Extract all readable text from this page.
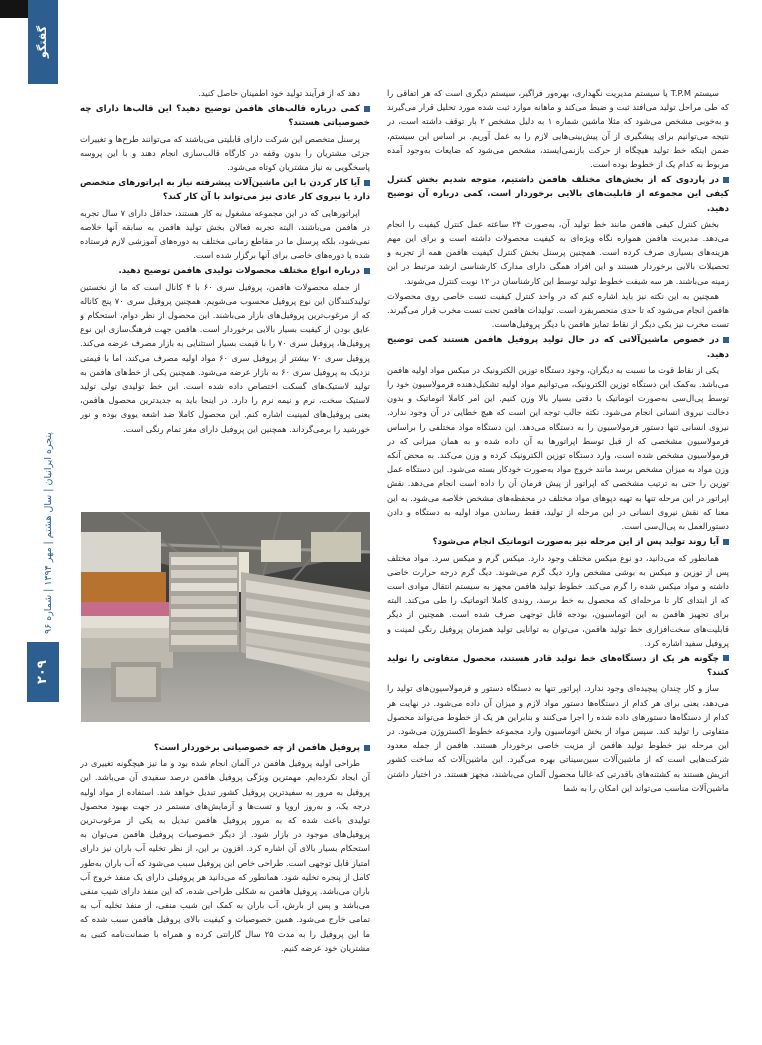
گفتگو
پنجره ایرانیان | سال هشتم | مهر ۱۳۹۴ | شماره ۹۶
۲۰۹

سیستم T.P.M یا سیستم مدیریت نگهداری، بهره‌ور فراگیر، سیستم دیگری است که هر اتفاقی را که طی مراحل تولید می‌افتد ثبت و ضبط می‌کند و ماهانه موارد ثبت شده مورد تحلیل قرار می‌گیرند و به‌خوبی مشخص می‌شود که مثلا ماشین شماره ۱ به دلیل مشخص ۲ بار توقف داشته است، در نتیجه می‌توانیم برای پیشگیری از آن پیش‌بینی‌هایی لازم را به عمل آوریم. بر اساس این سیستم، ضمن اینکه خط تولید هیچگاه از حرکت بازنمی‌ایستد، مشخص می‌شود که ضایعات به‌وجود آمده مربوط به کدام یک از خطوط بوده است.

در پاردوی که از بخش‌های مختلف هافمن داشتیم، متوجه شدیم بخش کنترل کیفی این مجموعه از قابلیت‌های بالایی برخوردار است. کمی درباره آن توضیح دهید.

بخش کنترل کیفی هافمن مانند خط تولید آن، به‌صورت ۲۴ ساعته عمل کنترل کیفیت را انجام می‌دهد. مدیریت هافمن همواره نگاه ویژه‌ای به کیفیت محصولات داشته است و برای این مهم هزینه‌های بسیاری صرف کرده است. همچنین پرسنل بخش کنترل کیفیت هافمن همه از تجربه و تحصیلات بالایی برخوردار هستند و این افراد همگی دارای مدارک کارشناسی ارشد مرتبط در این زمینه می‌باشند. هر سه شیفت خطوط تولید توسط این کارشناسان در ۱۲ نوبت کنترل می‌شوند.

همچنین به این نکته نیز باید اشاره کنم که در واحد کنترل کیفیت تست خاصی روی محصولات هافمن انجام می‌شود که تا حدی منحصربفرد است. تولیدات هافمن تحت تست مخرب قرار می‌گیرند. تست مخرب نیز یکی دیگر از نقاط تمایز هافمن با دیگر پروفیل‌هاست.

در خصوص ماشین‌آلاتی که در حال تولید پروفیل هافمن هستند کمی توضیح دهید.

یکی از نقاط قوت ما نسبت به دیگران، وجود دستگاه توزین الکترونیک در میکس مواد اولیه هافمن می‌باشد. به‌کمک این دستگاه توزین الکترونیک، می‌توانیم مواد اولیه تشکیل‌دهنده فرمولاسیون خود را توسط پی‌ال‌سی به‌صورت اتوماتیک با دقتی بسیار بالا وزن کنیم. این امر کاملا اتوماتیک و بدون دخالت نیروی انسانی انجام می‌شود. نکته جالب توجه این است که هیچ خطایی در آن وجود ندارد. نیروی انسانی تنها دستور فرمولاسیون را به دستگاه می‌دهد. این دستگاه مواد مختلفی را براساس فرمولاسیون مشخصی که از قبل توسط اپراتورها به آن داده شده و به همان میزانی که در فرمولاسیون مشخص شده است، وارد دستگاه توزین الکترونیک کرده و وزن می‌کند. به محض آنکه وزن مواد به میزان مشخص برسد مانند خروج مواد به‌صورت خودکار بسته می‌شود. این دستگاه عمل توزین را حتی به ترتیب مشخصی که اپراتور از پیش فرمان آن را داده است انجام می‌دهد. نقش اپراتور در این مرحله تنها به تهیه دپوهای مواد مختلف در محفظه‌های مشخص خلاصه می‌شود. به این معنا که نقش نیروی انسانی در این مرحله از تولید، فقط رساندن مواد اولیه به دستگاه و دادن دستورالعمل به پی‌ال‌سی است.

آیا روند تولید پس از این مرحله نیز به‌صورت اتوماتیک انجام می‌شود؟

همانطور که می‌دانید، دو نوع میکس مختلف وجود دارد. میکس گرم و میکس سرد. مواد مختلف پس از توزین و میکس به بوشی مشخص وارد دیگ گرم می‌شوند. دیگ گرم درجه حرارت خاصی داشته و مواد میکس شده را گرم می‌کند. خطوط تولید هافمن مجهز به سیستم انتقال موادی است که از ابتدای کار تا مرحله‌ای که محصول به خط برسد، روندی کاملا اتوماتیک را طی می‌کند. البته برای تجهیز هافمن به این اتوماسیون، بودجه قابل توجهی صرف شده است. همچنین از دیگر قابلیت‌های سخت‌افزاری خط تولید هافمن، می‌توان به توانایی تولید همزمان پروفیل رنگی لمینت و پروفیل سفید اشاره کرد.

چگونه هر یک از دستگاه‌های خط تولید قادر هستند، محصول متفاوتی را تولید کنند؟

ساز و کار چندان پیچیده‌ای وجود ندارد. اپراتور تنها به دستگاه دستور و فرمولاسیون‌های تولید را می‌دهد، یعنی برای هر کدام از دستگاه‌ها دستور مواد لازم و میزان آن داده می‌شود. در نهایت هر کدام از دستگاه‌ها دستورهای داده شده را اجرا می‌کنند و بنابراین هر یک از خطوط می‌تواند محصول متفاوتی را تولید کند. سپس مواد از بخش اتوماسیون وارد مجموعه خطوط اکستروژن می‌شود. در این مرحله نیز خطوط تولید هافمن از مزیت خاصی برخوردار هستند. هافمن از جمله معدود شرکت‌هایی است که از ماشین‌آلات سین‌سیناتی بهره می‌گیرد. این ماشین‌آلات که ساخت کشور اتریش هستند به کشتنه‌های باقدرتی که غالبا محصول آلمان می‌باشند، مجهز هستند. در اختیار داشتن ماشین‌آلات مناسب می‌تواند این امکان را به شما

دهد که از فرآیند تولید خود اطمینان حاصل کنید.

کمی درباره قالب‌های هافمن توضیح دهید؟ این قالب‌ها دارای چه خصوصیاتی هستند؟

پرسنل متخصص این شرکت دارای قابلیتی می‌باشند که می‌توانند طرح‌ها و تغییرات جزئی مشتریان را بدون وقفه در کارگاه قالب‌سازی انجام دهند و با این پروسه پاسخگویی به نیاز مشتریان کوتاه می‌شود.

آیا کار کردن با این ماشین‌آلات پیشرفته نیاز به اپراتورهای متخصص دارد یا نیروی کار عادی نیز می‌تواند با آن کار کند؟

اپراتورهایی که در این مجموعه مشغول به کار هستند، حداقل دارای ۷ سال تجربه در هافمن می‌باشند، البته تجربه فعالان بخش تولید هافمن به سابقه آنها خلاصه نمی‌شود، بلکه پرسنل ما در مقاطع زمانی مختلف به دوره‌های آموزشی لازم فرستاده شده یا دوره‌های خاصی برای آنها برگزار شده است.

درباره انواع مختلف محصولات تولیدی هافمن توضیح دهید.

از جمله محصولات هافمن، پروفیل سری ۶۰ با ۴ کانال است که ما از نخستین تولیدکنندگان این نوع پروفیل محسوب می‌شویم. همچنین پروفیل سری ۷۰ پنج کاناله که از مرغوب‌ترین پروفیل‌های بازار می‌باشند. این محصول از نظر دوام، استحکام و عایق بودن از کیفیت بسیار بالایی برخوردار است. هافمن جهت فرهنگ‌سازی این نوع پروفیل‌ها، پروفیل سری ۷۰ را با قیمت بسیار استثنایی به بازار مصرف عرضه می‌کند. پروفیل سری ۷۰ بیشتر از پروفیل سری ۶۰ مواد اولیه مصرف می‌کند، اما با قیمتی نزدیک به پروفیل سری ۶۰ به بازار عرضه می‌شود. همچنین یکی از خط‌های هافمن به تولید لاستیک‌های گسکت اختصاص داده شده است. این خط تولیدی تولی تولید لاستیک سخت، نرم و نیمه نرم را دارد. در اینجا باید به جدیدترین محصول هافمن، یعنی پروفیل‌های لمینیت اشاره کنم. این محصول کاملا ضد اشعه یووی بوده و نور خورشید را برمی‌گرداند. همچنین این پروفیل دارای مغز تمام رنگی است.

پروفیل هافمن از چه خصوصیاتی برخوردار است؟

طراحی اولیه پروفیل هافمن در آلمان انجام شده بود و ما نیز هیچگونه تغییری در آن ایجاد نکرده‌ایم. مهمترین ویژگی پروفیل هافمن درصد سفیدی آن می‌باشد. این پروفیل به مرور به سفیدترین پروفیل کشور تبدیل خواهد شد. استفاده از مواد اولیه درجه یک، و به‌روز اروپا و تست‌ها و آزمایش‌های مستمر در جهت بهبود محصول تولیدی باعث شده که به مرور پروفیل هافمن تبدیل به یکی از مرغوب‌ترین پروفیل‌های موجود در بازار شود. از دیگر خصوصیات پروفیل هافمن می‌توان به استحکام بسیار بالای آن اشاره کرد. افزون بر این، از نظر تخلیه آب باران نیز دارای امتیاز قابل توجهی است. طراحی خاص این پروفیل سبب می‌شود که آب باران به‌طور کامل از پنجره تخلیه شود. همانطور که می‌دانید هر پروفیلی دارای یک منفذ خروج آب باران می‌باشد. پروفیل هافمن به شکلی طراحی شده، که این منفذ دارای شیب منفی می‌باشد و پس از بارش، آب باران به کمک این شیب منفی، از منفذ تخلیه آب به تمامی خارج می‌شود. همین خصوصیات و کیفیت بالای پروفیل هافمن سبب شده که ما این پروفیل را به مدت ۲۵ سال گارانتی کرده و همراه با ضمانت‌نامه کتبی به مشتریان خود عرضه کنیم.
